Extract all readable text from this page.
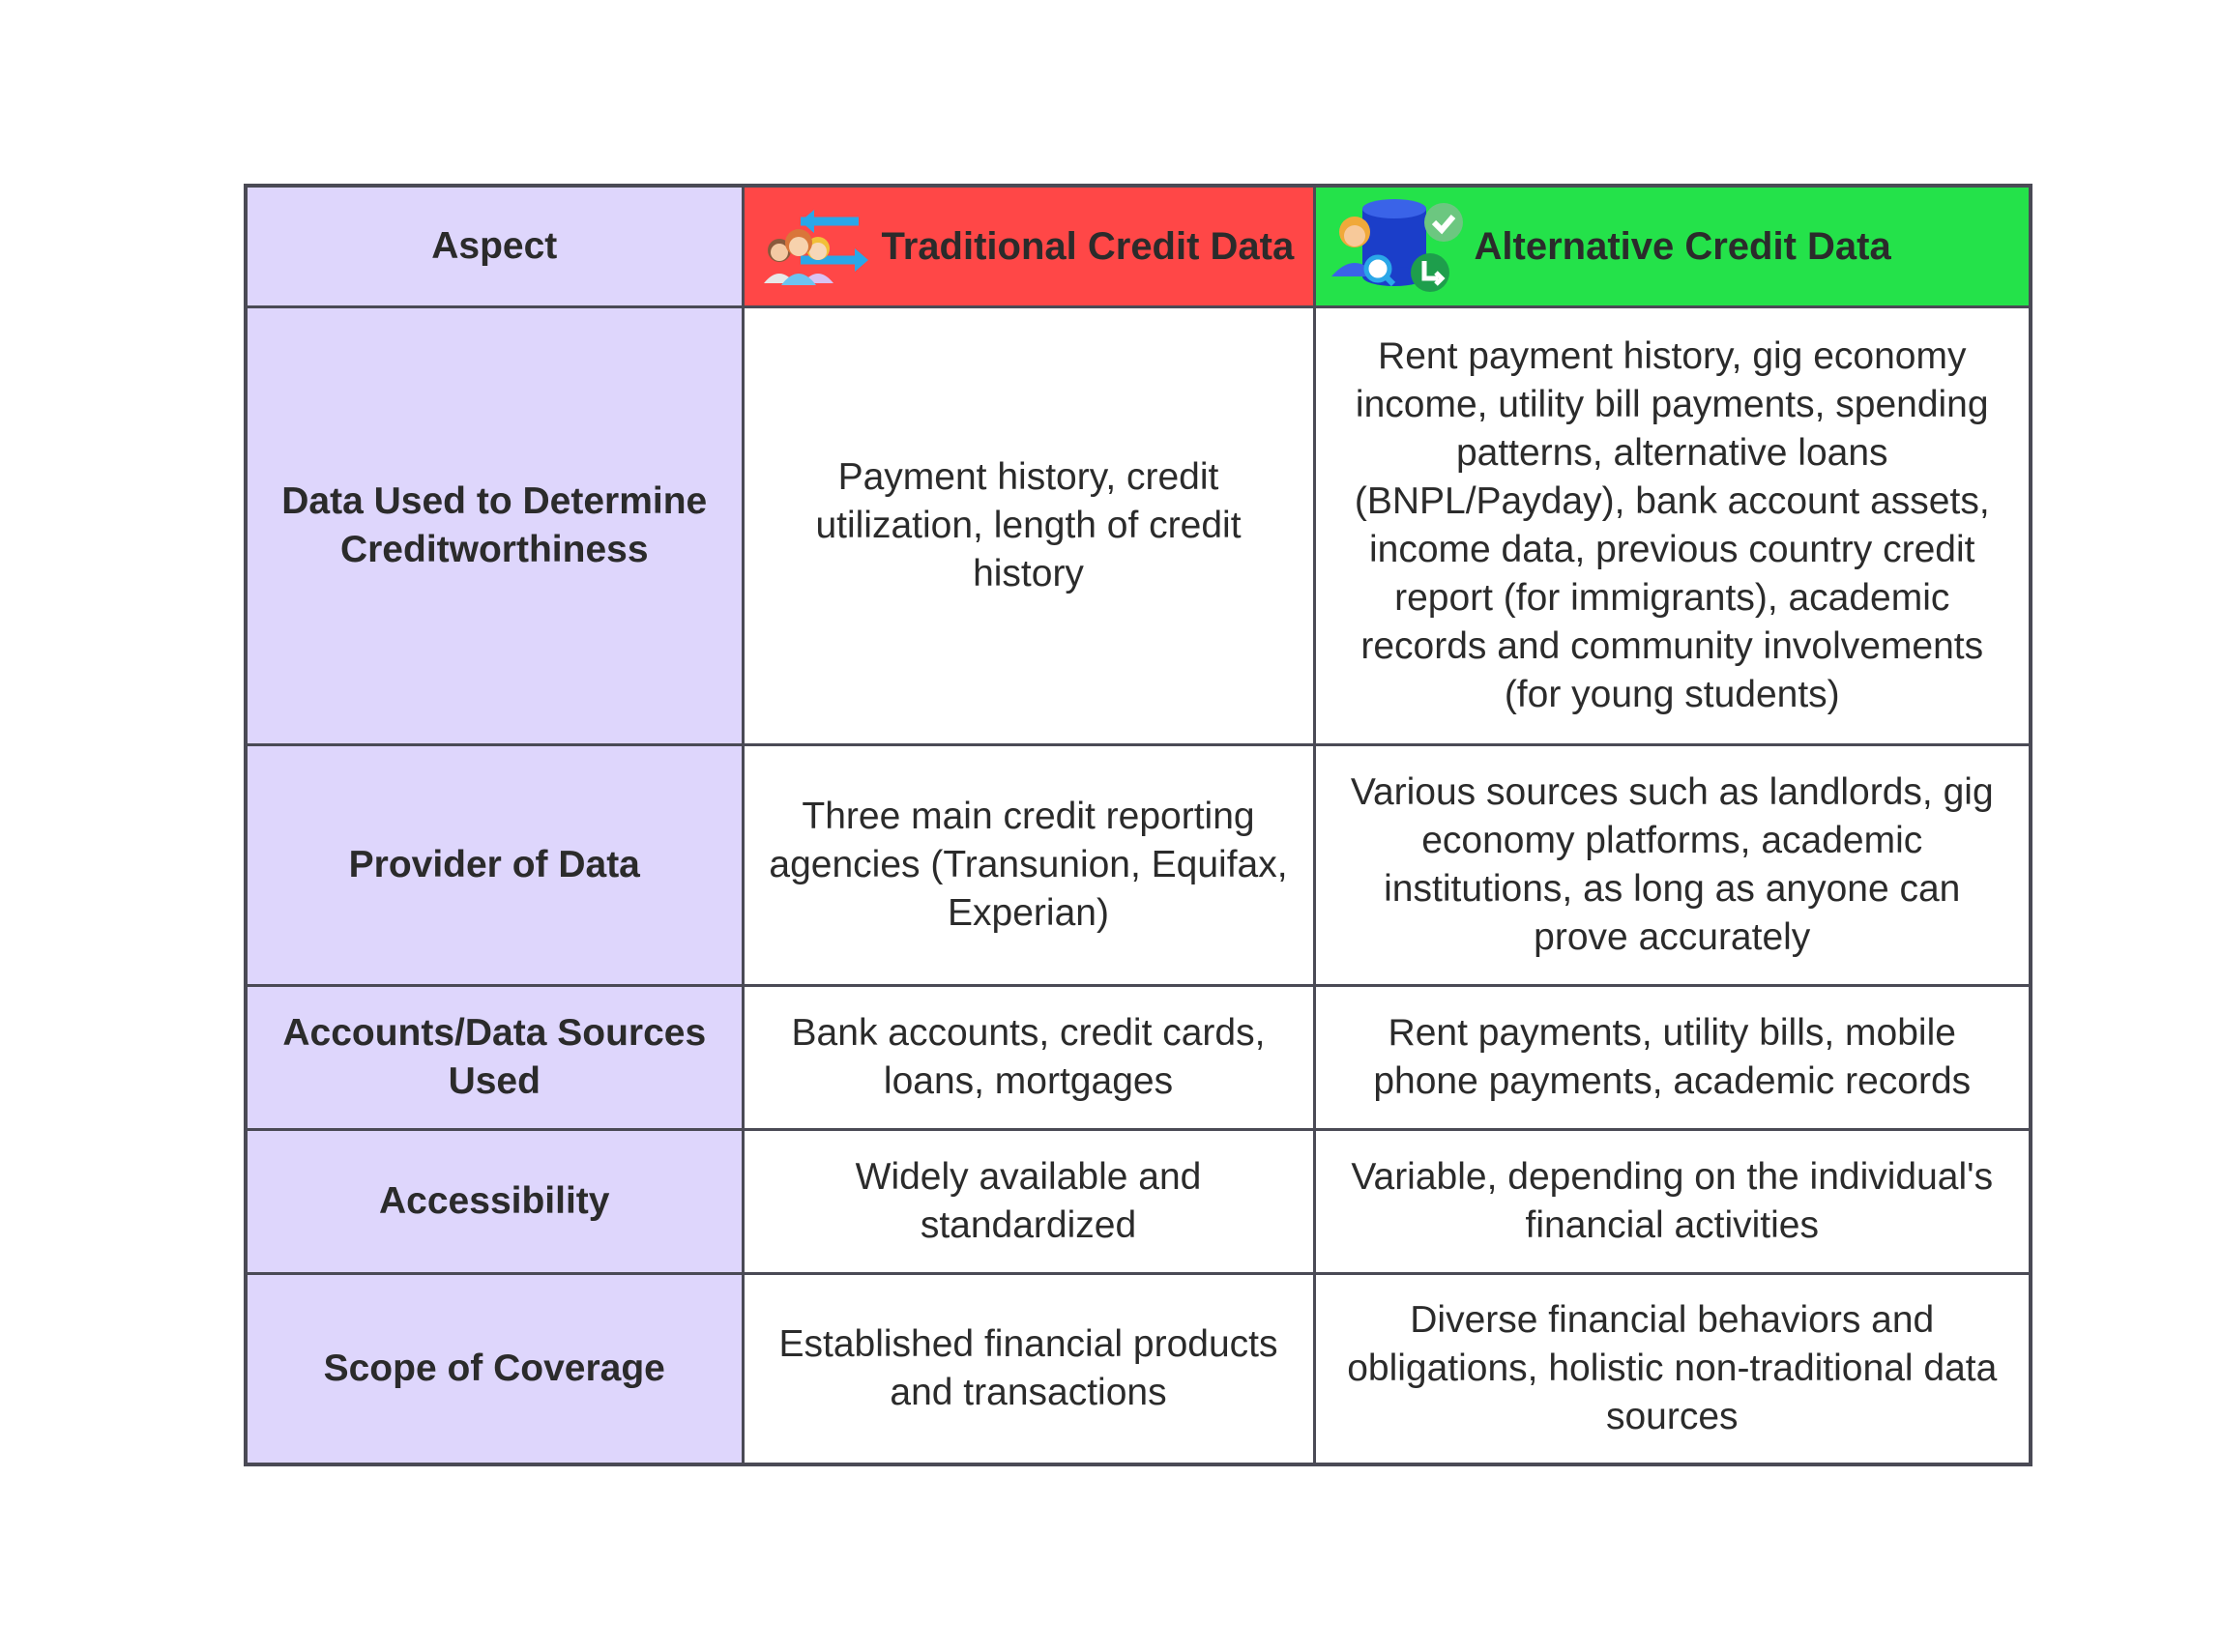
Aspect	Traditional Credit Data	Alternative Credit Data

Data Used to Determine Creditworthiness	Payment history, credit utilization, length of credit history	Rent payment history, gig economy income, utility bill payments, spending patterns, alternative loans (BNPL/Payday), bank account assets, income data, previous country credit report (for immigrants), academic records and community involvements (for young students)
Provider of Data	Three main credit reporting agencies (Transunion, Equifax, Experian)	Various sources such as landlords, gig economy platforms, academic institutions, as long as anyone can prove accurately
Accounts/Data Sources Used	Bank accounts, credit cards, loans, mortgages	Rent payments, utility bills, mobile phone payments, academic records
Accessibility	Widely available and standardized	Variable, depending on the individual's financial activities
Scope of Coverage	Established financial products and transactions	Diverse financial behaviors and obligations, holistic non-traditional data sources
